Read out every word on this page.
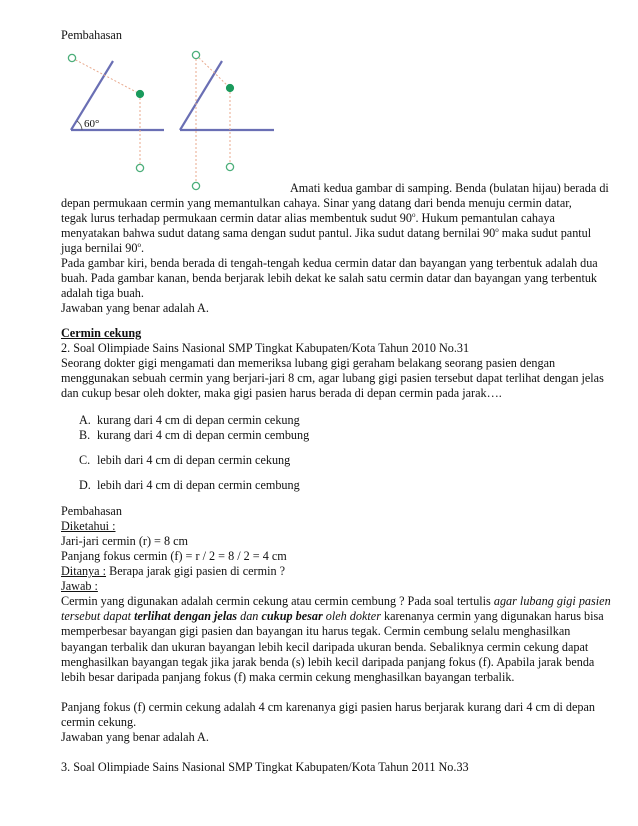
Pembahasan

60°

Amati kedua gambar di samping. Benda (bulatan hijau) berada di

depan permukaan cermin yang memantulkan cahaya. Sinar yang datang dari benda menuju cermin datar,

tegak lurus terhadap permukaan cermin datar alias membentuk sudut 90$^o$. Hukum pemantulan cahaya

menyatakan bahwa sudut datang sama dengan sudut pantul. Jika sudut datang bernilai 90$^o$ maka sudut pantul

juga bernilai 90$^o$.

Pada gambar kiri, benda berada di tengah-tengah kedua cermin datar dan bayangan yang terbentuk adalah dua buah. Pada gambar kanan, benda berjarak lebih dekat ke salah satu cermin datar dan bayangan yang terbentuk adalah tiga buah.

Jawaban yang benar adalah A.

Cermin cekung

2. Soal Olimpiade Sains Nasional SMP Tingkat Kabupaten/Kota Tahun 2010 No.31

Seorang dokter gigi mengamati dan memeriksa lubang gigi geraham belakang seorang pasien dengan menggunakan sebuah cermin yang berjari-jari 8 cm, agar lubang gigi pasien tersebut dapat terlihat dengan jelas dan cukup besar oleh dokter, maka gigi pasien harus berada di depan cermin pada jarak….

A. kurang dari 4 cm di depan cermin cekung
B. kurang dari 4 cm di depan cermin cembung
C. lebih dari 4 cm di depan cermin cekung
D. lebih dari 4 cm di depan cermin cembung

Pembahasan

Diketahui :

Jari-jari cermin (r) = 8 cm

Panjang fokus cermin (f) = r / 2 = 8 / 2 = 4 cm

Ditanya : Berapa jarak gigi pasien di cermin ?

Jawab :

Cermin yang digunakan adalah cermin cekung atau cermin cembung ? Pada soal tertulis agar lubang gigi pasien tersebut dapat terlihat dengan jelas dan cukup besar oleh dokter karenanya cermin yang digunakan harus bisa memperbesar bayangan gigi pasien dan bayangan itu harus tegak. Cermin cembung selalu menghasilkan bayangan terbalik dan ukuran bayangan lebih kecil daripada ukuran benda. Sebaliknya cermin cekung dapat menghasilkan bayangan tegak jika jarak benda (s) lebih kecil daripada panjang fokus (f). Apabila jarak benda lebih besar daripada panjang fokus (f) maka cermin cekung menghasilkan bayangan terbalik.

Panjang fokus (f) cermin cekung adalah 4 cm karenanya gigi pasien harus berjarak kurang dari 4 cm di depan cermin cekung.

Jawaban yang benar adalah A.

3. Soal Olimpiade Sains Nasional SMP Tingkat Kabupaten/Kota Tahun 2011 No.33
